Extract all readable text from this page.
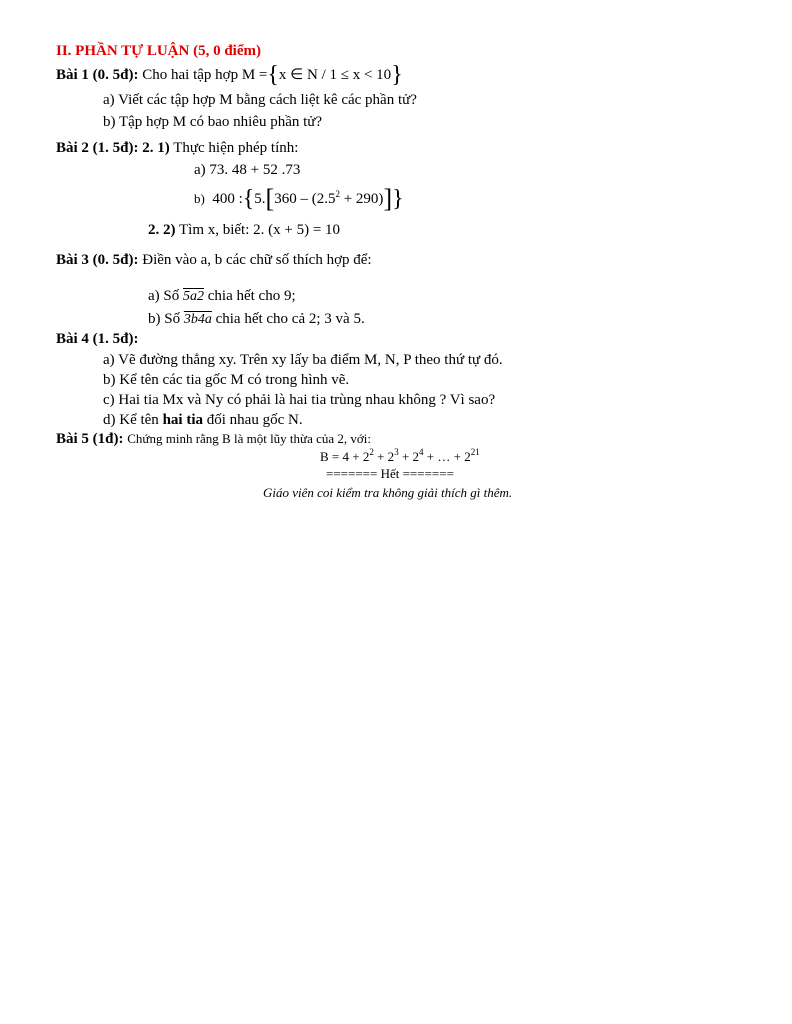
II. PHẦN TỰ LUẬN (5, 0 điểm)
Bài 1 (0. 5đ): Cho hai tập hợp M ={x ∈ N / 1 ≤ x < 10}
a) Viết các tập hợp M bằng cách liệt kê các phần tử?
b) Tập hợp M có bao nhiêu phần tử?
Bài 2 (1. 5đ): 2. 1) Thực hiện phép tính:
a) 73. 48 + 52 .73
b) 400 :{5.[360 – $(2.5^2 + 290)$]}
2. 2) Tìm x, biết: 2. (x + 5) = 10
Bài 3 (0. 5đ): Điền vào a, b các chữ số thích hợp để:
a) Số 5a2 chia hết cho 9;
b) Số 3b4a chia hết cho cả 2; 3 và 5.
Bài 4 (1. 5đ):
a) Vẽ đường thẳng xy. Trên xy lấy ba điểm M, N, P theo thứ tự đó.
b) Kể tên các tia gốc M có trong hình vẽ.
c) Hai tia Mx và Ny có phải là hai tia trùng nhau không ? Vì sao?
d) Kể tên hai tia đối nhau gốc N.
Bài 5 (1đ): Chứng minh rằng B là một lũy thừa của 2, với:
$B = 4 + 2^2 + 2^3 + 2^4$ + … + $2^{21}$
======= Hết =======
Giáo viên coi kiểm tra không giải thích gì thêm.
